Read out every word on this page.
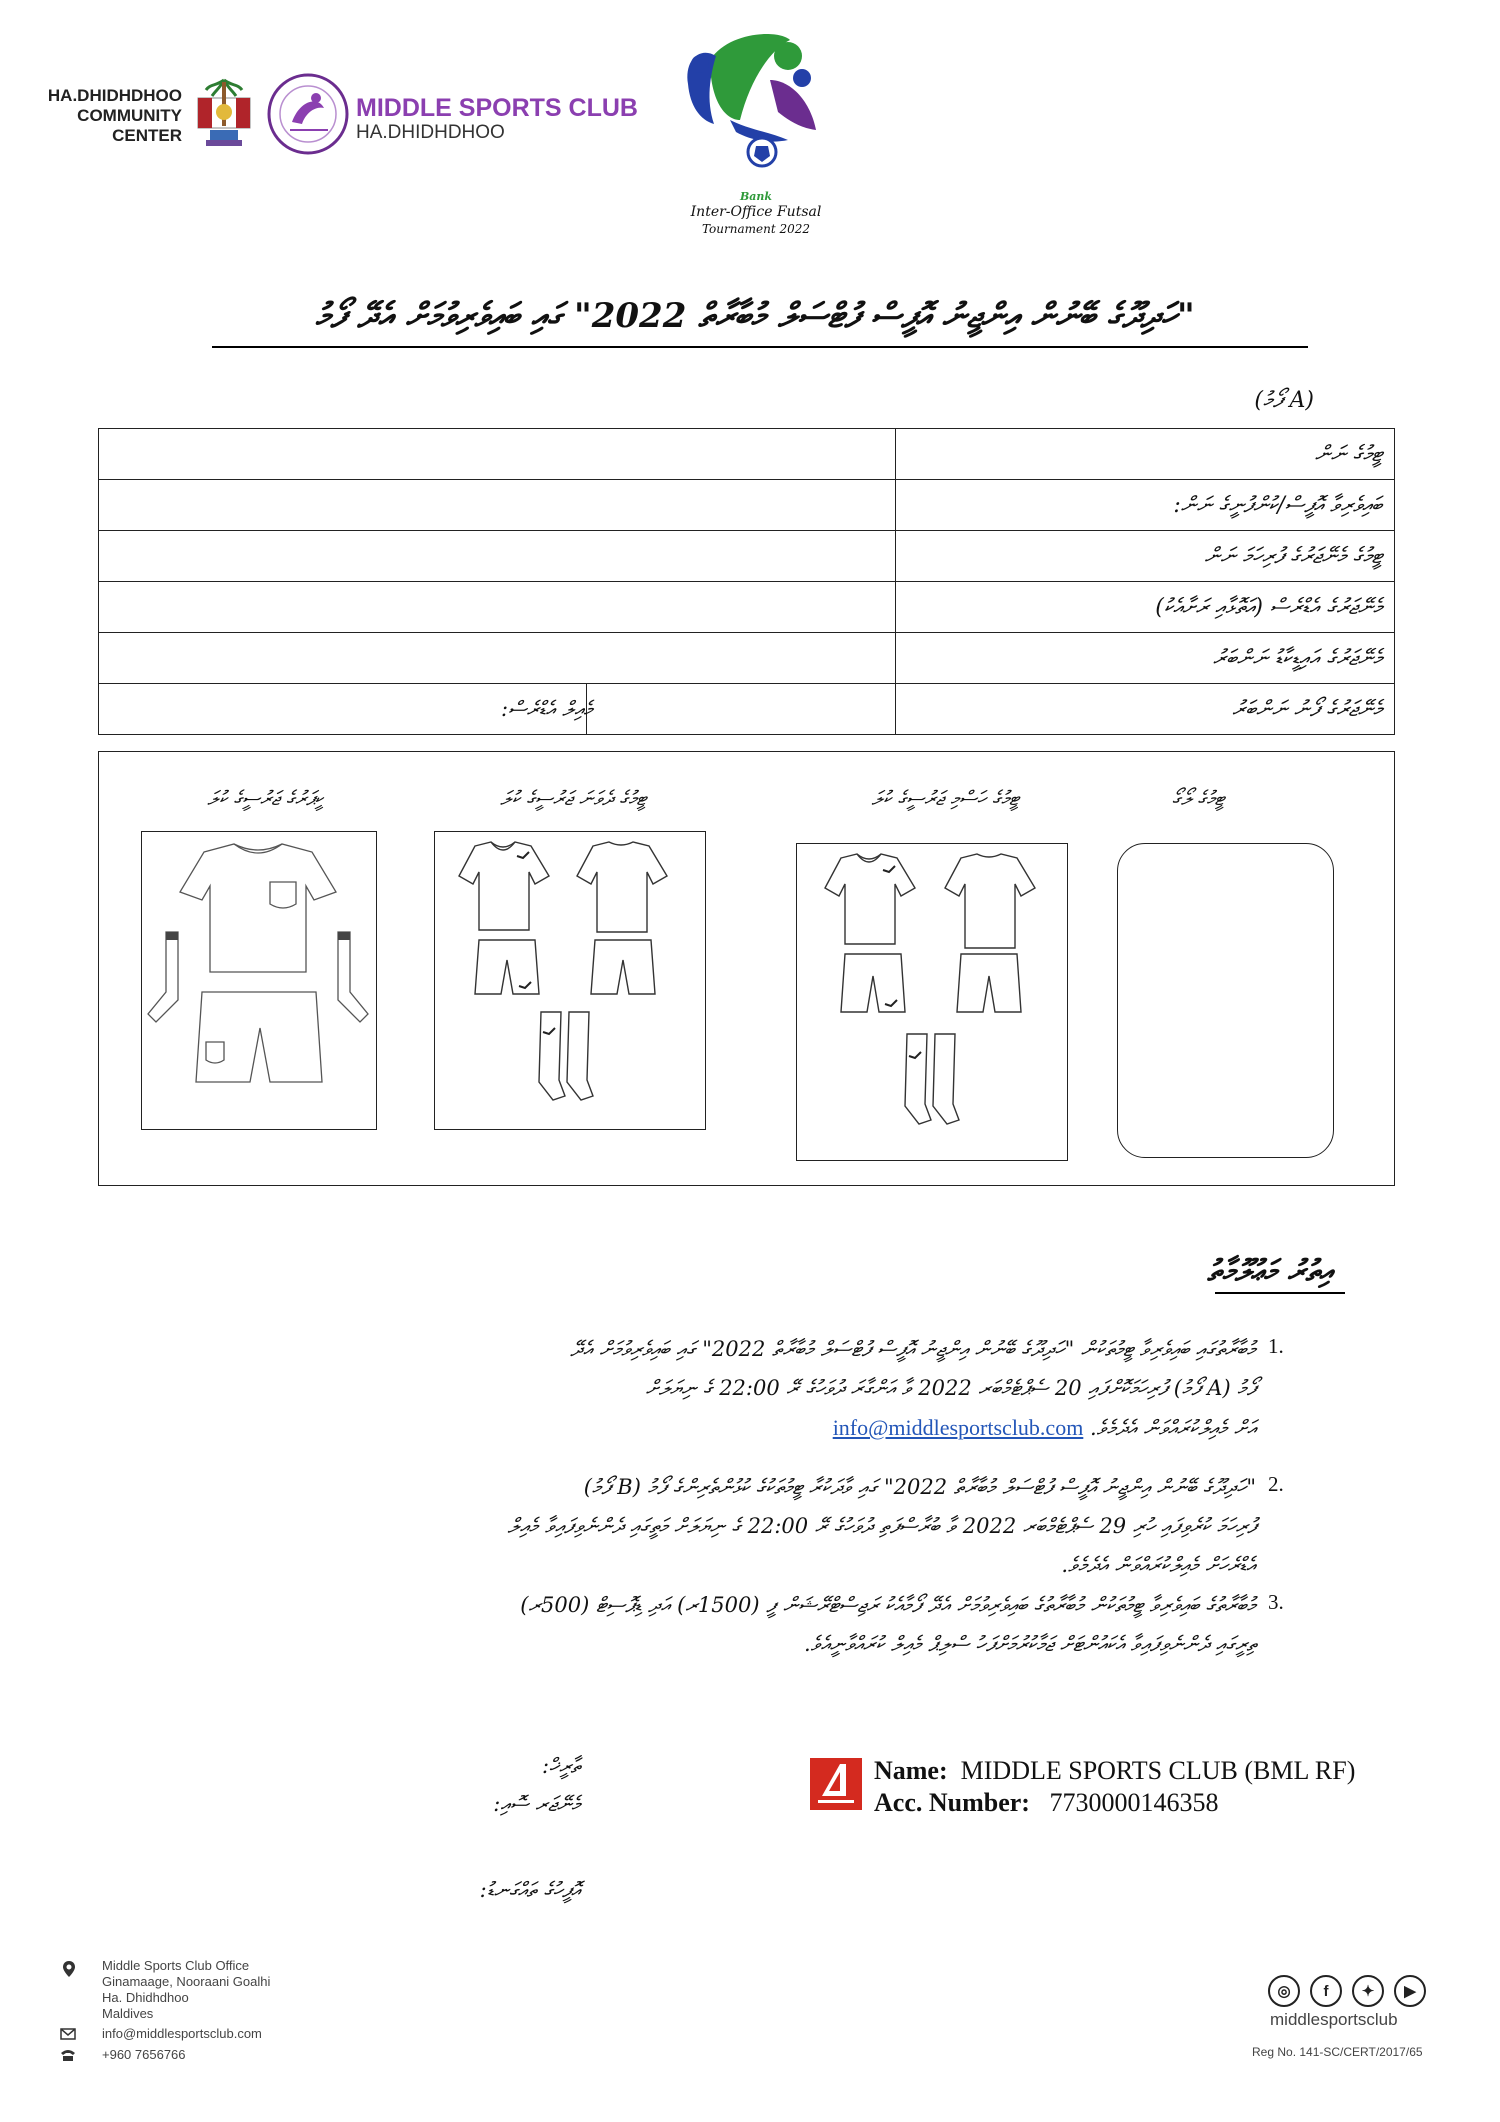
HA.DHIDHDHOO
COMMUNITY
CENTER
MIDDLE SPORTS CLUB
HA.DHIDHDHOO
Bank
Inter-Office Futsal
Tournament 2022
"ހަަދިދޫގެ ބޭނުން އިންޖީނު އޮފީސް ފުޓްސަލް މުބާރާތް 2022" ގައި ބައިވެރިވުމަށް އެދޭ ފޯމު
(A ފޯމު)
	ޓީމުގެ ނަން
	ބައިވެރިވާ އޮފީސް/ކުންފުނީގެ ނަން:
	ޓީމުގެ މެނޭޖަރުގެ ފުރިހަމަ ނަން
	މެނޭޖަރުގެ އެޑްރެސް (އަތޮޅާއި ރަށާއެކު)
	މެނޭޖަރުގެ އައިޑީކާޑު ނަންބަރު

މެއިލް އެޑްރެސް:	މެނޭޖަރުގެ ފޯނު ނަންބަރު
ޓީމުގެ ލޯގޯ
ޓީމުގެ ހަސްމި ޖަރުސީގެ ކުލަ
ޓީމުގެ ދެވަނަ ޖަރުސީގެ ކުލަ
ކީޕަރުގެ ޖަރުސީގެ ކުލަ
އިތުރު މަޢުލޫމާތު
1.
މުބާރާތުގައި ބައިވެރިވާ ޓީމުތަކުން "ހަަދިދޫގެ ބޭނުން އިންޖީނު އޮފީސް ފުޓްސަލް މުބާރާތް 2022" ގައި ބައިވެރިވުމަށް އެދޭ
ފޯމު (A ފޯމު) ފުރިހަމަކޮށްފައި 20 ސެޕްޓެމްބަރ 2022 ވާ އަންގާރަ ދުވަހުގެ ރޭ 22:00 ގެ ނިޔަލަށް
އަށް މެއިލްކުރައްވަން އެދެމެވެ. info@middlesportsclub.com
2.
"ހަަދިދޫގެ ބޭނުން އިންޖީނު އޮފީސް ފުޓްސަލް މުބާރާތް 2022" ގައި ވާދަކުރާ ޓީމުތަކުގެ ކުޅުންތެރިންގެ ފޯމު (B ފޯމު)
ފުރިހަމަ ކުރެވިފައި ހުރި 29 ސެޕްޓެމްބަރ 2022 ވާ ބުރާސްފަތި ދުވަހުގެ ރޭ 22:00 ގެ ނިޔަލަށް މަތީގައި ދެންނެވިފައިވާ މެއިލް
އެޑްރެހަށް މެއިލްކުރައްވަން އެދެމެވެ.
3.
މުބާރާތުގެ ބައިވެރިވާ ޓީމުތަކުން މުބާރާތުގެ ބައިވެރިވުމަށް އެދޭ ފޯމާއެކު ރަޖިސްޓްރޭޝަން ފީ (1500ރ) އަދި ޑިޕޮސިޓް (500ރ)
ތިރީގައި ދެންނެވިފައިވާ އެކައުންޓަށް ޖަމާކުރުމަށްފަހު ސްލިޕް މެއިލް ކުރައްވާނީއެވެ.
ތާރީޚް:
މެނޭޖަރ ސޮއި:
އޮފީހުގެ ތައްގަނޑު:
Name: MIDDLE SPORTS CLUB (BML RF)
Acc. Number: 7730000146358
Middle Sports Club Office
Ginamaage, Nooraani Goalhi
Ha. Dhidhdhoo
Maldives
info@middlesportsclub.com
+960 7656766
◎	f	✦	▶
middlesportsclub
Reg No. 141-SC/CERT/2017/65
